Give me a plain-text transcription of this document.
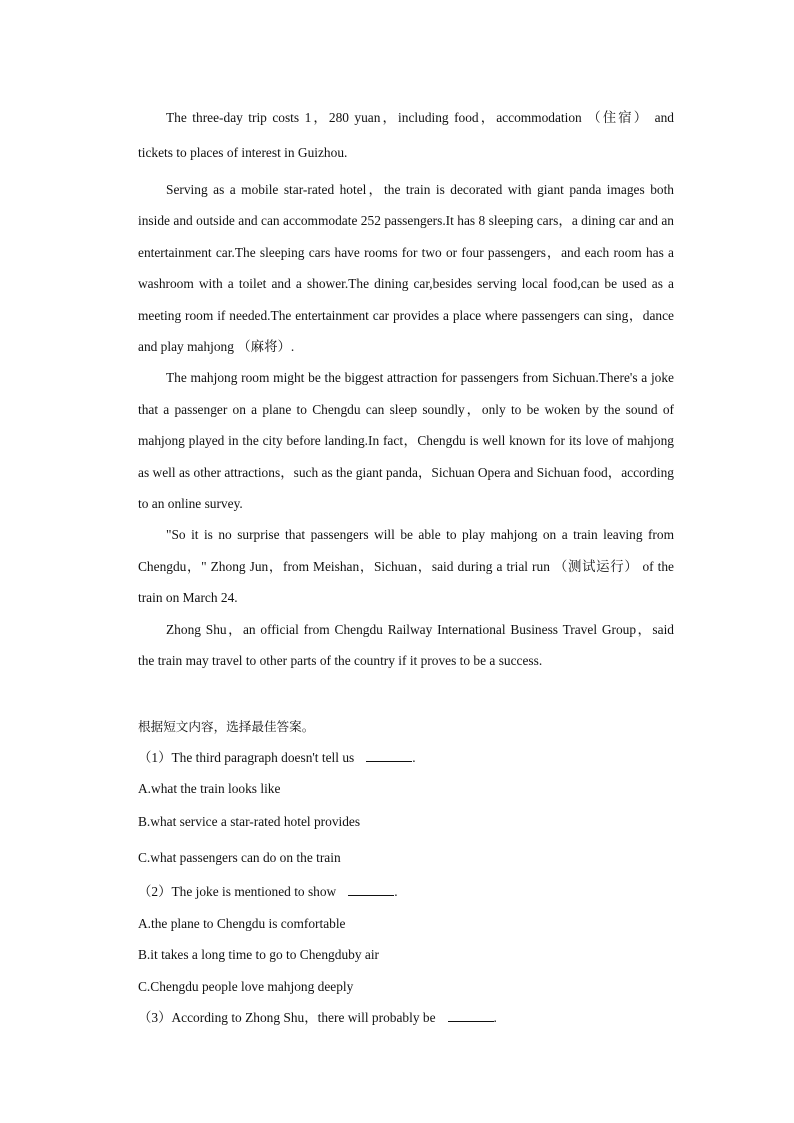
The three-day trip costs 1，280 yuan，including food，accommodation （住宿） and tickets to places of interest in Guizhou.

Serving as a mobile star-rated hotel，the train is decorated with giant panda images both inside and outside and can accommodate 252 passengers.It has 8 sleeping cars，a dining car and an entertainment car.The sleeping cars have rooms for two or four passengers，and each room has a washroom with a toilet and a shower.The dining car,besides serving local food,can be used as a meeting room if needed.The entertainment car provides a place where passengers can sing，dance and play mahjong （麻将）.

The mahjong room might be the biggest attraction for passengers from Sichuan.There's a joke that a passenger on a plane to Chengdu can sleep soundly，only to be woken by the sound of mahjong played in the city before landing.In fact，Chengdu is well known for its love of mahjong as well as other attractions，such as the giant panda，Sichuan Opera and Sichuan food，according to an online survey.

"So it is no surprise that passengers will be able to play mahjong on a train leaving from Chengdu，" Zhong Jun，from Meishan，Sichuan，said during a trial run （测试运行） of the train on March 24.

Zhong Shu，an official from Chengdu Railway International Business Travel Group，said the train may travel to other parts of the country if it proves to be a success.

根据短文内容，选择最佳答案。

（1）The third paragraph doesn't tell us	.

A.what the train looks like

B.what service a star-rated hotel provides

C.what passengers can do on the train

（2）The joke is mentioned to show	.

A.the plane to Chengdu is comfortable

B.it takes a long time to go to Chengduby air

C.Chengdu people love mahjong deeply

（3）According to Zhong Shu，there will probably be	.
